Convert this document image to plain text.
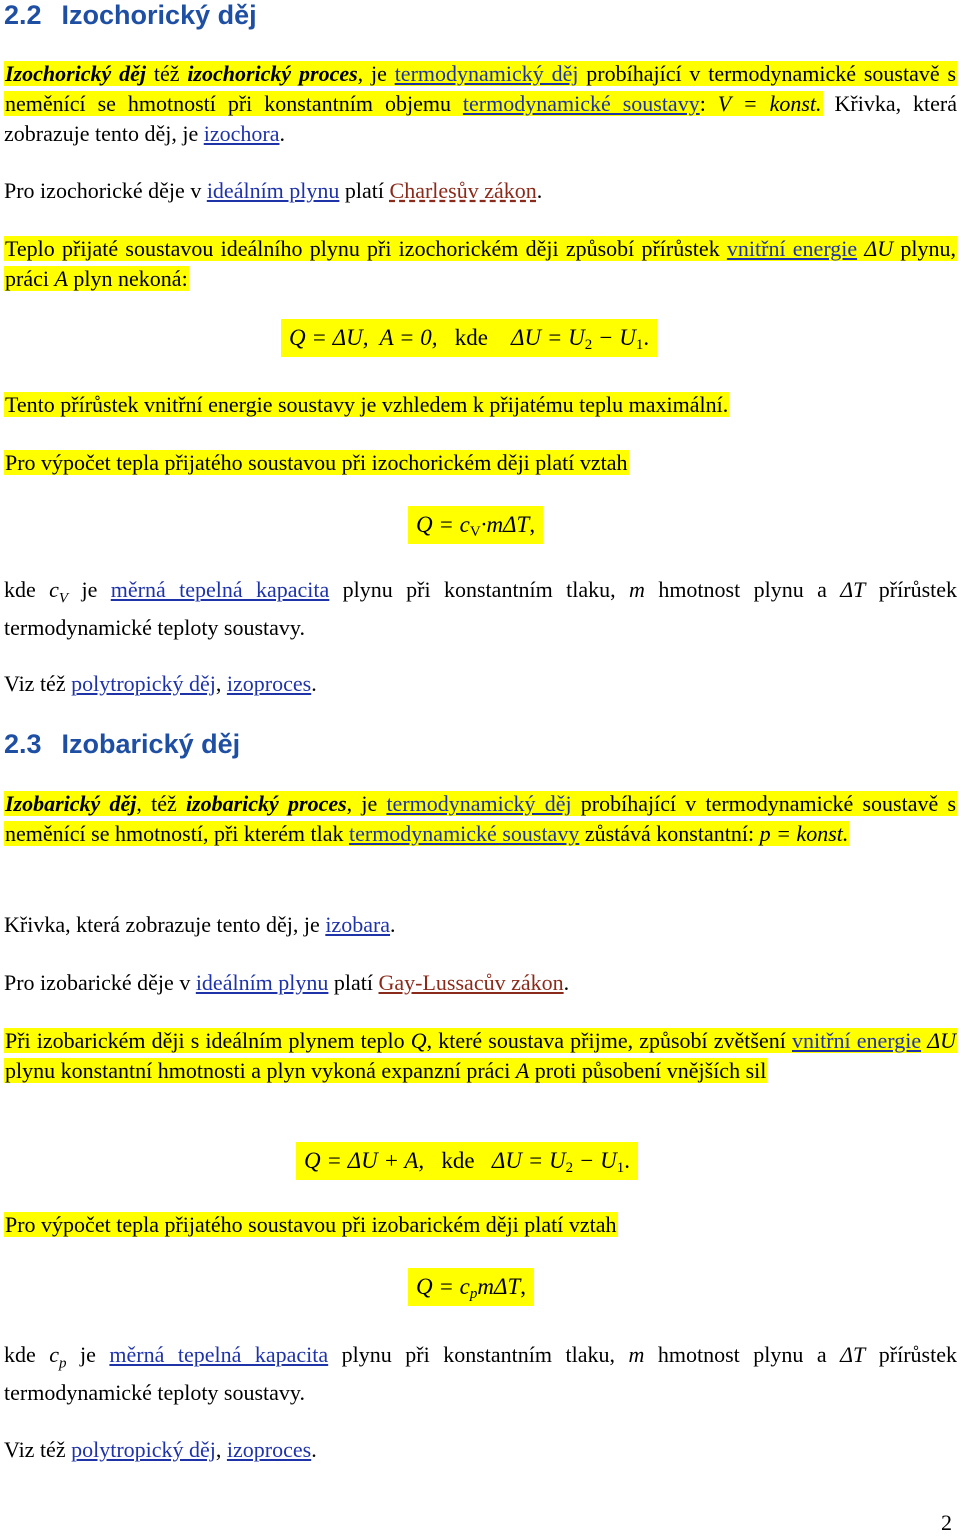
2.2 Izochorický děj
Izochorický děj též izochorický proces, je termodynamický děj probíhající v termodynamické soustavě s neměnící se hmotností při konstantním objemu termodynamické soustavy: V = konst. Křivka, která zobrazuje tento děj, je izochora.
Pro izochorické děje v ideálním plynu platí Charlesův zákon.
Teplo přijaté soustavou ideálního plynu při izochorickém ději způsobí přírůstek vnitřní energie ΔU plynu, práci A plyn nekoná:
Q = ΔU, A = 0, kde $\Delta U = U_2 - U_1$.
Tento přírůstek vnitřní energie soustavy je vzhledem k přijatému teplu maximální.
Pro výpočet tepla přijatého soustavou při izochorickém ději platí vztah
$Q = c_V\cdot m\Delta T$,
kde $c_V$ je měrná tepelná kapacita plynu při konstantním tlaku, m hmotnost plynu a ΔT přírůstek termodynamické teploty soustavy.
Viz též polytropický děj, izoproces.
2.3 Izobarický děj
Izobarický děj, též izobarický proces, je termodynamický děj probíhající v termodynamické soustavě s neměnící se hmotností, při kterém tlak termodynamické soustavy zůstává konstantní: p = konst.
Křivka, která zobrazuje tento děj, je izobara.
Pro izobarické děje v ideálním plynu platí Gay-Lussacův zákon.
Při izobarickém ději s ideálním plynem teplo Q, které soustava přijme, způsobí zvětšení vnitřní energie ΔU plynu konstantní hmotnosti a plyn vykoná expanzní práci A proti působení vnějších sil
Q = ΔU + A, kde $\Delta U = U_2 - U_1$.
Pro výpočet tepla přijatého soustavou při izobarickém ději platí vztah
$Q = c_pm\Delta T$,
kde $c_p$ je měrná tepelná kapacita plynu při konstantním tlaku, m hmotnost plynu a ΔT přírůstek termodynamické teploty soustavy.
Viz též polytropický děj, izoproces.
2
